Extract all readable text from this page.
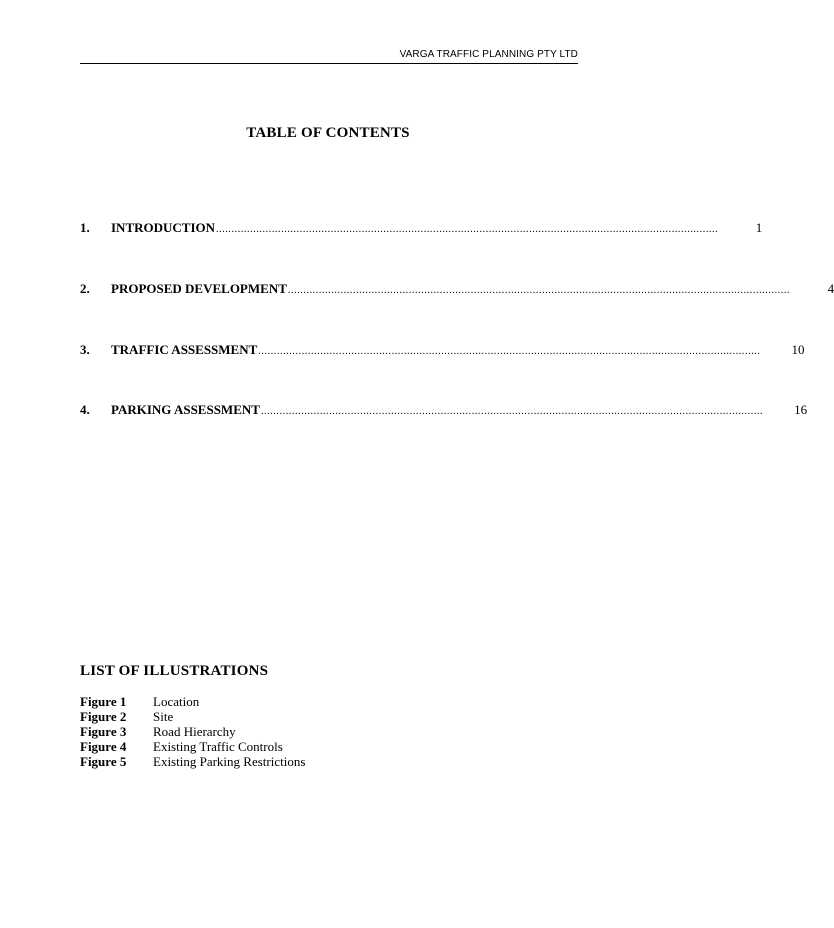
VARGA TRAFFIC PLANNING PTY LTD
TABLE OF CONTENTS
1.	INTRODUCTION ..................................................................................................................................................................	1
2.	PROPOSED DEVELOPMENT ..................................................................................................................................................................	4
3.	TRAFFIC ASSESSMENT .................................................................................................................................................................. 10
4.	PARKING ASSESSMENT .................................................................................................................................................................. 16
LIST OF ILLUSTRATIONS
Figure 1	Location
Figure 2	Site
Figure 3	Road Hierarchy
Figure 4	Existing Traffic Controls
Figure 5	Existing Parking Restrictions
